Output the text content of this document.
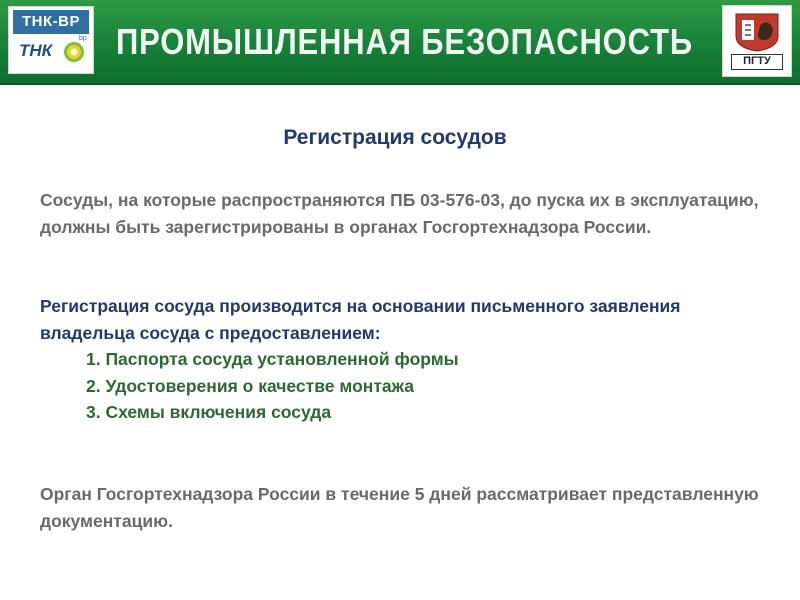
ТНК-ВР
ТНК
bp ПРОМЫШЛЕННАЯ БЕЗОПАСНОСТЬ	ПГТУ
Регистрация сосудов
Сосуды, на которые распространяются ПБ 03-576-03, до пуска их в эксплуатацию, должны быть зарегистрированы в органах Госгортехнадзора России.
Регистрация сосуда производится на основании письменного заявления владельца сосуда с предоставлением:
1. Паспорта сосуда установленной формы
2. Удостоверения о качестве монтажа
3. Схемы включения сосуда
Орган Госгортехнадзора России в течение 5 дней рассматривает представленную документацию.
